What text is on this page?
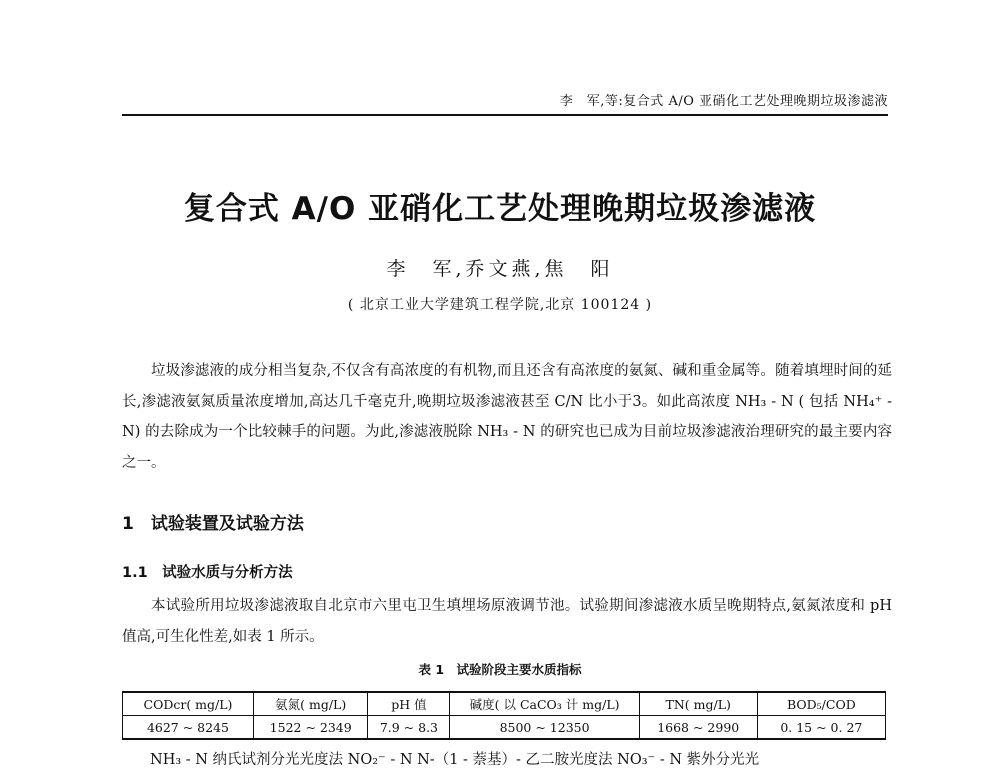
李　军,等:复合式 A/O 亚硝化工艺处理晚期垃圾渗滤液
复合式 A/O 亚硝化工艺处理晚期垃圾渗滤液
李　军,乔文燕,焦　阳
( 北京工业大学建筑工程学院,北京 100124 )

垃圾渗滤液的成分相当复杂,不仅含有高浓度的有机物,而且还含有高浓度的氨氮、碱和重金属等。随着填埋时间的延长,渗滤液氨氮质量浓度增加,高达几千毫克升,晚期垃圾渗滤液甚至 C/N 比小于3。如此高浓度 NH₃ - N ( 包括 NH₄⁺ - N) 的去除成为一个比较棘手的问题。为此,渗滤液脱除 NH₃ - N 的研究也已成为目前垃圾渗滤液治理研究的最主要内容之一。

1　试验装置及试验方法
1.1　试验水质与分析方法

本试验所用垃圾渗滤液取自北京市六里屯卫生填埋场原液调节池。试验期间渗滤液水质呈晚期特点,氨氮浓度和 pH 值高,可生化性差,如表 1 所示。

表 1　试验阶段主要水质指标
CODcr( mg/L)	氨氮( mg/L)	pH 值	碱度( 以 CaCO₃ 计 mg/L)	TN( mg/L)	BOD₅/COD
4627 ~ 8245	1522 ~ 2349	7.9 ~ 8.3	8500 ~ 12350	1668 ~ 2990	0. 15 ~ 0. 27
NH₃ - N 纳氏试剂分光光度法 NO₂⁻ - N N-（1 - 萘基）- 乙二胺光度法 NO₃⁻ - N 紫外分光光
